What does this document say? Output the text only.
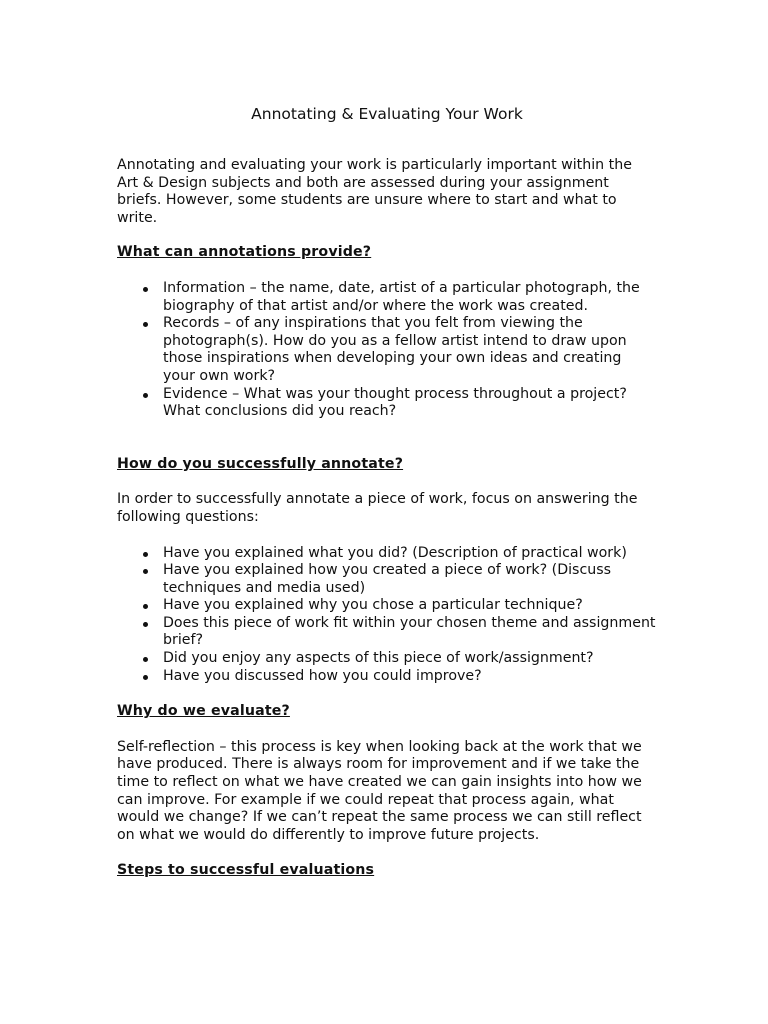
Annotating & Evaluating Your Work

Annotating and evaluating your work is particularly important within the Art & Design subjects and both are assessed during your assignment briefs. However, some students are unsure where to start and what to write.

What can annotations provide?

Information – the name, date, artist of a particular photograph, the biography of that artist and/or where the work was created.
Records – of any inspirations that you felt from viewing the photograph(s). How do you as a fellow artist intend to draw upon those inspirations when developing your own ideas and creating your own work?
Evidence – What was your thought process throughout a project? What conclusions did you reach?

How do you successfully annotate?

In order to successfully annotate a piece of work, focus on answering the following questions:

Have you explained what you did? (Description of practical work)
Have you explained how you created a piece of work? (Discuss techniques and media used)
Have you explained why you chose a particular technique?
Does this piece of work fit within your chosen theme and assignment brief?
Did you enjoy any aspects of this piece of work/assignment?
Have you discussed how you could improve?

Why do we evaluate?

Self-reflection – this process is key when looking back at the work that we have produced. There is always room for improvement and if we take the time to reflect on what we have created we can gain insights into how we can improve. For example if we could repeat that process again, what would we change? If we can’t repeat the same process we can still reflect on what we would do differently to improve future projects.

Steps to successful evaluations
